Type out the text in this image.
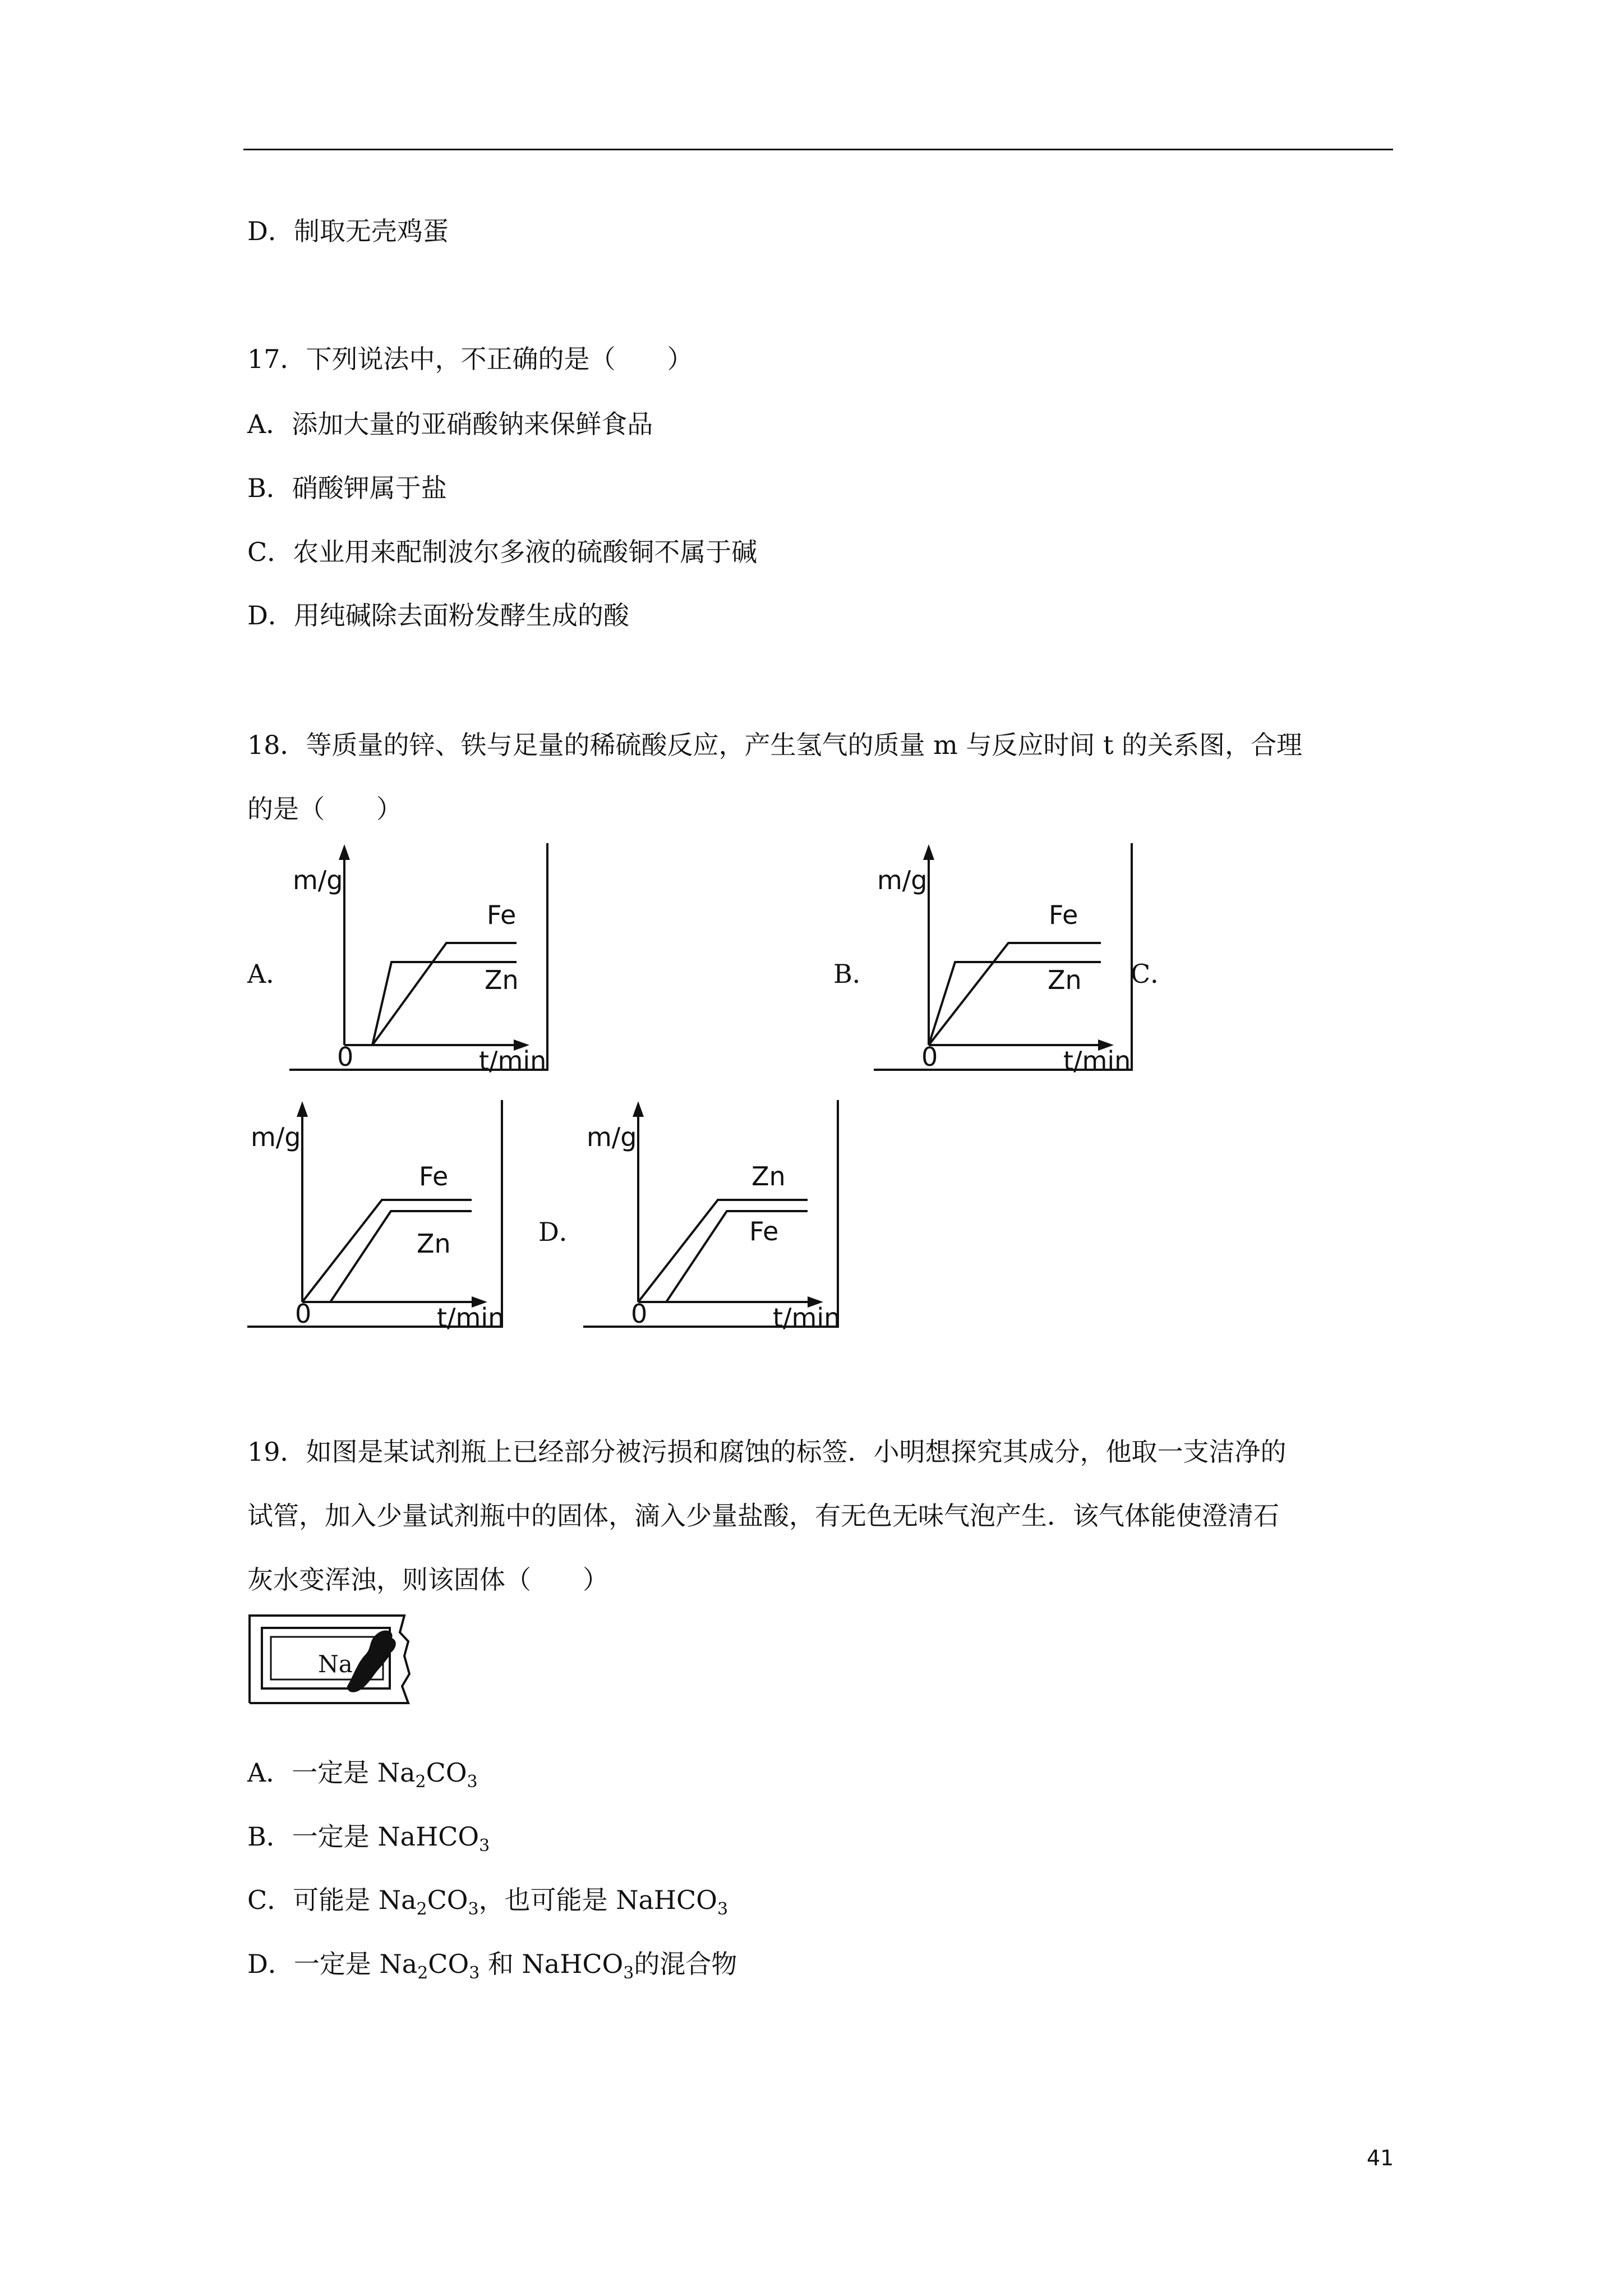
D．制取无壳鸡蛋
17．下列说法中，不正确的是（　　）
A．添加大量的亚硝酸钠来保鲜食品
B．硝酸钾属于盐
C．农业用来配制波尔多液的硫酸铜不属于碱
D．用纯碱除去面粉发酵生成的酸
18．等质量的锌、铁与足量的稀硫酸反应，产生氢气的质量 m 与反应时间 t 的关系图，合理
的是（　　）
A．	B．	C．
D．
m/g
0	t/min
Fe
Zn
m/g
0	t/min
Fe
Zn
m/g
0	t/min
Fe
Zn
m/g
0	t/min
Zn
Fe
19．如图是某试剂瓶上已经部分被污损和腐蚀的标签．小明想探究其成分，他取一支洁净的
试管，加入少量试剂瓶中的固体，滴入少量盐酸，有无色无味气泡产生．该气体能使澄清石
灰水变浑浊，则该固体（　　）
Na
A．一定是 $Na_2CO_3$
B．一定是 NaHCO$_3$
C．可能是 $Na_2CO_3$，也可能是 NaHCO$_3$
D．一定是 $Na_2CO_3$ 和 NaHCO$_3$的混合物
41
